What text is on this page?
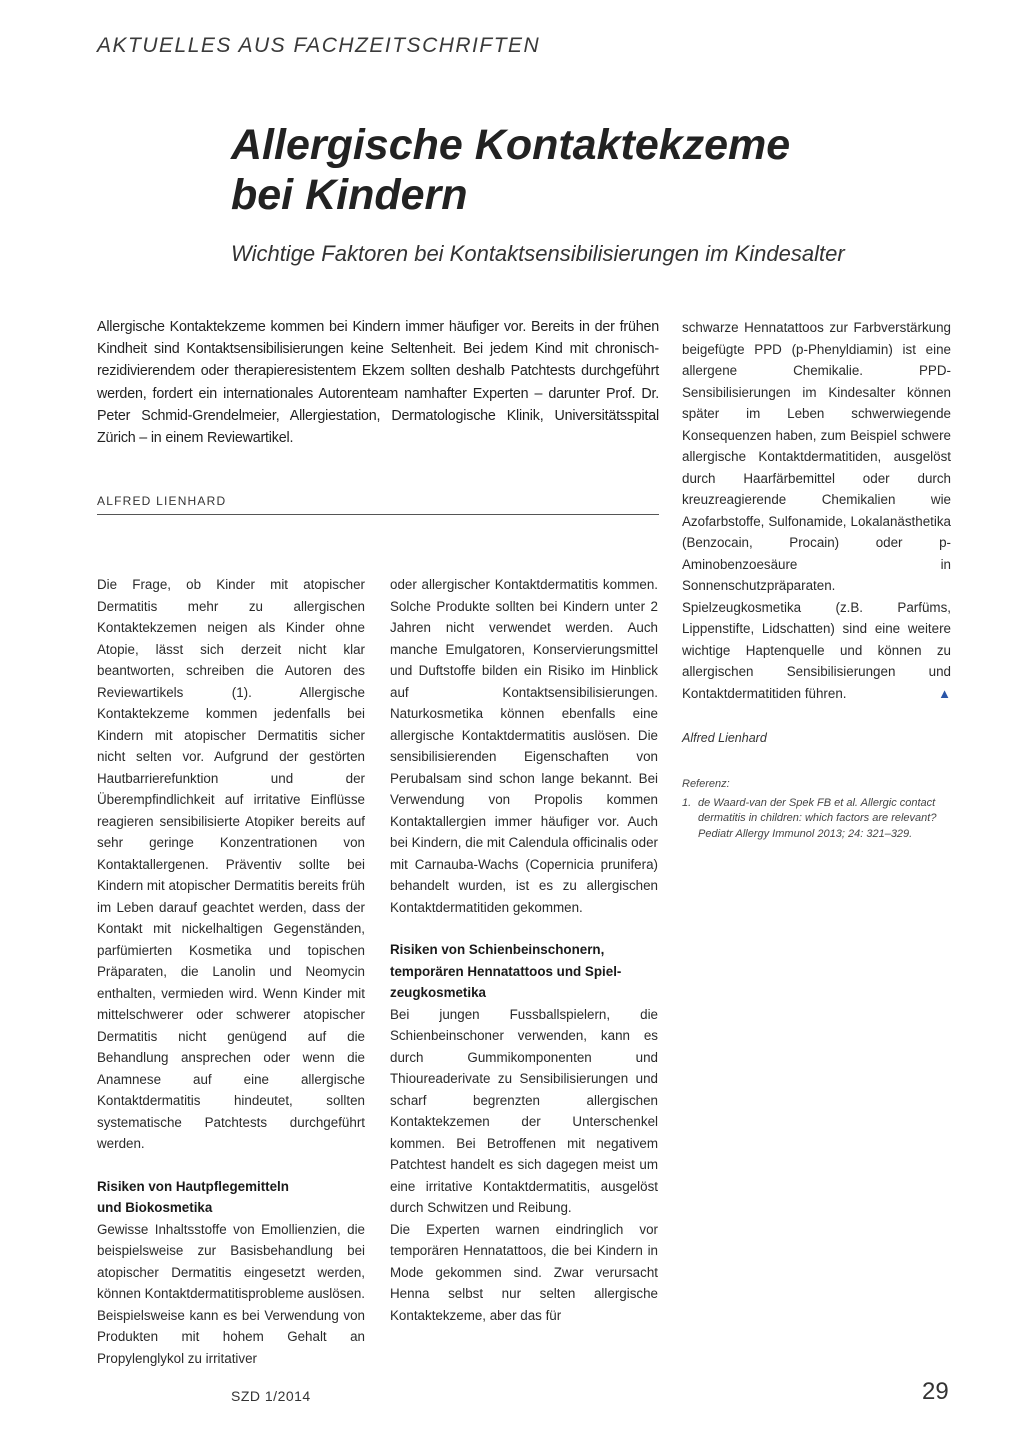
AKTUELLES AUS FACHZEITSCHRIFTEN
Allergische Kontaktekzeme
bei Kindern

Wichtige Faktoren bei Kontaktsensibilisierungen im Kindesalter

Allergische Kontaktekzeme kommen bei Kindern immer häufiger vor. Bereits in der frühen Kindheit sind Kontaktsensibilisierungen keine Seltenheit. Bei jedem Kind mit chronisch-rezidivierendem oder therapieresistentem Ekzem sollten deshalb Patchtests durchgeführt werden, fordert ein internationales Autorenteam namhafter Experten – darunter Prof. Dr. Peter Schmid-Grendelmeier, Allergiestation, Dermatologische Klinik, Universitätsspital Zürich – in einem Reviewartikel.

ALFRED LIENHARD

Die Frage, ob Kinder mit atopischer Dermatitis mehr zu allergischen Kontaktekzemen neigen als Kinder ohne Atopie, lässt sich derzeit nicht klar beantworten, schreiben die Autoren des Reviewartikels (1). Allergische Kontaktekzeme kommen jedenfalls bei Kindern mit atopischer Dermatitis sicher nicht selten vor. Aufgrund der gestörten Hautbarrierefunktion und der Überempfindlichkeit auf irritative Einflüsse reagieren sensibilisierte Atopiker bereits auf sehr geringe Konzentrationen von Kontaktallergenen. Präventiv sollte bei Kindern mit atopischer Dermatitis bereits früh im Leben darauf geachtet werden, dass der Kontakt mit nickelhaltigen Gegenständen, parfümierten Kosmetika und topischen Präparaten, die Lanolin und Neomycin enthalten, vermieden wird. Wenn Kinder mit mittelschwerer oder schwerer atopischer Dermatitis nicht genügend auf die Behandlung ansprechen oder wenn die Anamnese auf eine allergische Kontaktdermatitis hindeutet, sollten systematische Patchtests durchgeführt werden.

Risiken von Hautpflegemitteln
und Biokosmetika

Gewisse Inhaltsstoffe von Emollienzien, die beispielsweise zur Basisbehandlung bei atopischer Dermatitis eingesetzt werden, können Kontaktdermatitisprobleme auslösen. Beispielsweise kann es bei Verwendung von Produkten mit hohem Gehalt an Propylenglykol zu irritativer

oder allergischer Kontaktdermatitis kommen. Solche Produkte sollten bei Kindern unter 2 Jahren nicht verwendet werden. Auch manche Emulgatoren, Konservierungsmittel und Duftstoffe bilden ein Risiko im Hinblick auf Kontaktsensibilisierungen. Naturkosmetika können ebenfalls eine allergische Kontaktdermatitis auslösen. Die sensibilisierenden Eigenschaften von Perubalsam sind schon lange bekannt. Bei Verwendung von Propolis kommen Kontaktallergien immer häufiger vor. Auch bei Kindern, die mit Calendula officinalis oder mit Carnauba-Wachs (Copernicia prunifera) behandelt wurden, ist es zu allergischen Kontaktdermatitiden gekommen.

Risiken von Schienbeinschonern,
temporären Hennatattoos und Spiel-
zeugkosmetika

Bei jungen Fussballspielern, die Schienbeinschoner verwenden, kann es durch Gummikomponenten und Thioureaderivate zu Sensibilisierungen und scharf begrenzten allergischen Kontaktekzemen der Unterschenkel kommen. Bei Betroffenen mit negativem Patchtest handelt es sich dagegen meist um eine irritative Kontaktdermatitis, ausgelöst durch Schwitzen und Reibung.

Die Experten warnen eindringlich vor temporären Hennatattoos, die bei Kindern in Mode gekommen sind. Zwar verursacht Henna selbst nur selten allergische Kontaktekzeme, aber das für

schwarze Hennatattoos zur Farbverstärkung beigefügte PPD (p-Phenyldiamin) ist eine allergene Chemikalie. PPD-Sensibilisierungen im Kindesalter können später im Leben schwerwiegende Konsequenzen haben, zum Beispiel schwere allergische Kontaktdermatitiden, ausgelöst durch Haarfärbemittel oder durch kreuzreagierende Chemikalien wie Azofarbstoffe, Sulfonamide, Lokalanästhetika (Benzocain, Procain) oder p-Aminobenzoesäure in Sonnenschutzpräparaten. Spielzeugkosmetika (z.B. Parfüms, Lippenstifte, Lidschatten) sind eine weitere wichtige Haptenquelle und können zu allergischen Sensibilisierungen und Kontaktdermatitiden führen.	▲

Alfred Lienhard
Referenz:
1. de Waard-van der Spek FB et al. Allergic contact dermatitis in children: which factors are relevant? Pediatr Allergy Immunol 2013; 24: 321–329.
SZD 1/2014	29
